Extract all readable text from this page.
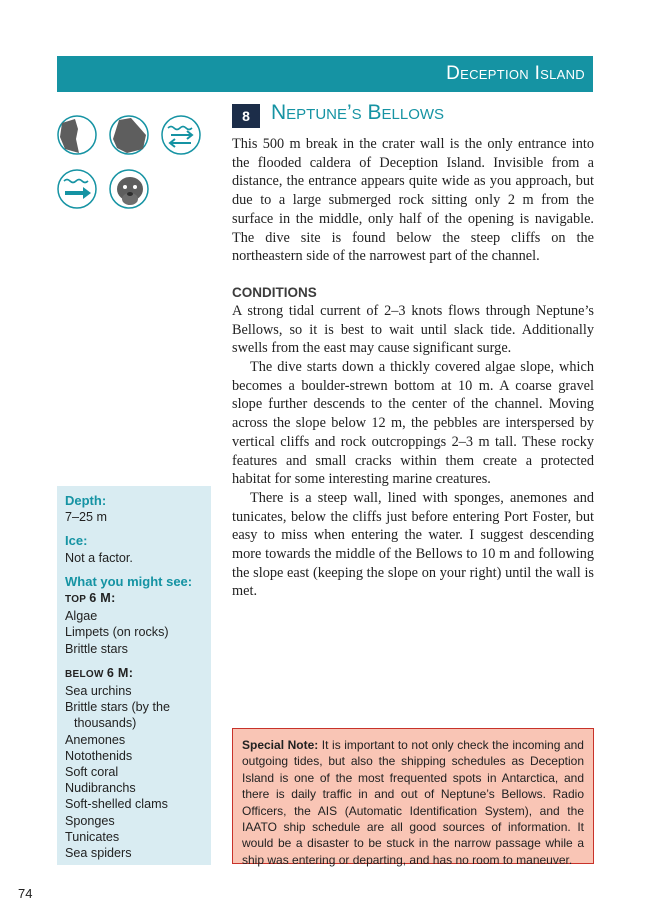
Deception Island
8	Neptune’s Bellows

This 500 m break in the crater wall is the only entrance into the flooded caldera of Deception Island. Invisible from a distance, the entrance appears quite wide as you approach, but due to a large submerged rock sitting only 2 m from the surface in the middle, only half of the opening is navigable. The dive site is found below the steep cliffs on the northeastern side of the narrowest part of the channel.

CONDITIONS

A strong tidal current of 2–3 knots flows through Neptune’s Bellows, so it is best to wait until slack tide. Additionally swells from the east may cause significant surge.

The dive starts down a thickly covered algae slope, which becomes a boulder-strewn bottom at 10 m. A coarse gravel slope further descends to the center of the channel. Moving across the slope below 12 m, the pebbles are interspersed by vertical cliffs and rock outcroppings 2–3 m tall. These rocky features and small cracks within them create a protected habitat for some interesting marine creatures.

There is a steep wall, lined with sponges, anemones and tunicates, below the cliffs just before entering Port Foster, but easy to miss when entering the water. I suggest descending more towards the middle of the Bellows to 10 m and following the slope east (keeping the slope on your right) until the wall is met.

Depth:
7–25 m
Ice:
Not a factor.
What you might see:
TOP 6 M:
Algae
Limpets (on rocks)
Brittle stars
BELOW 6 M:
Sea urchins
Brittle stars (by the
thousands)
Anemones
Notothenids
Soft coral
Nudibranchs
Soft-shelled clams
Sponges
Tunicates
Sea spiders
Special Note: It is important to not only check the incoming and outgoing tides, but also the shipping schedules as Deception Island is one of the most frequented spots in Antarctica, and there is daily traffic in and out of Neptune’s Bellows. Radio Officers, the AIS (Automatic Identification System), and the IAATO ship schedule are all good sources of information. It would be a disaster to be stuck in the narrow passage while a ship was entering or departing, and has no room to maneuver.
74
